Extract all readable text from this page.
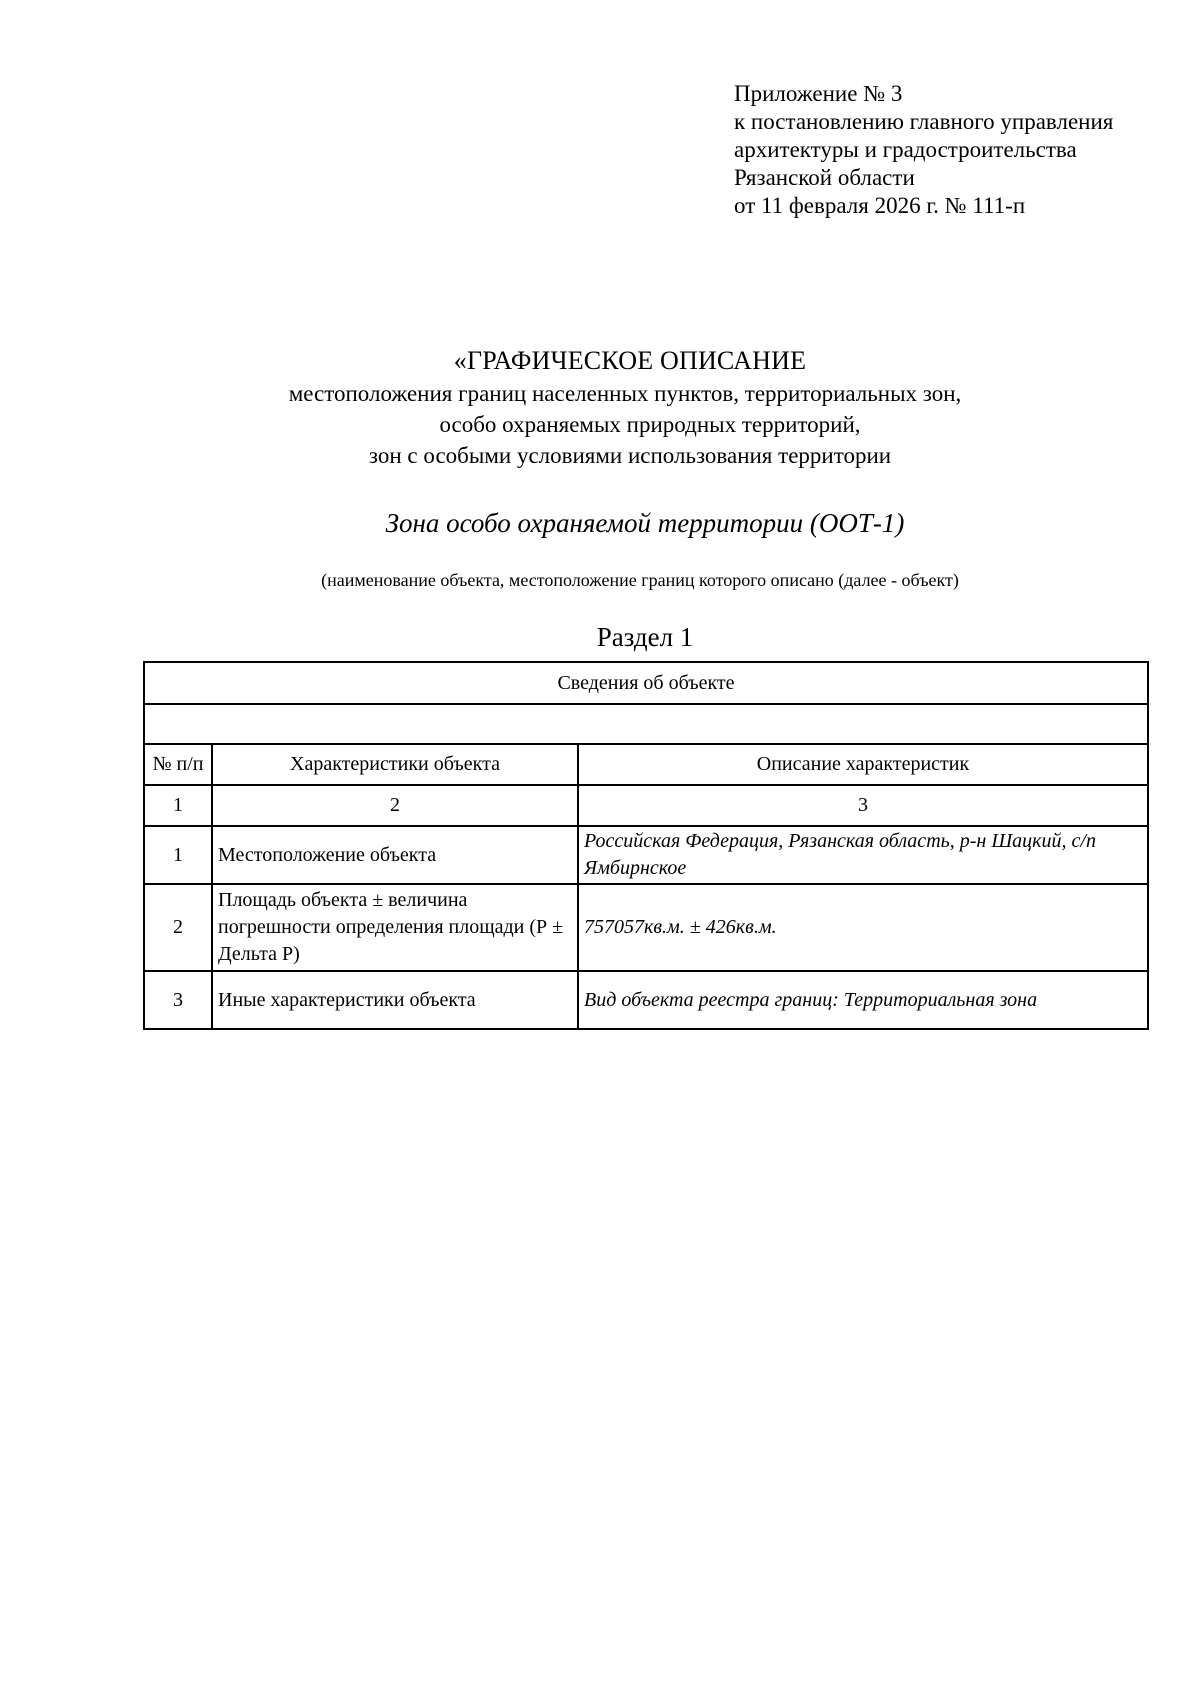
Приложение № 3
к постановлению главного управления
архитектуры и градостроительства
Рязанской области
от 11 февраля 2026 г. № 111-п
«ГРАФИЧЕСКОЕ ОПИСАНИЕ
местоположения границ населенных пунктов, территориальных зон,
особо охраняемых природных территорий,
зон с особыми условиями использования территории
Зона особо охраняемой территории (ООТ-1)
(наименование объекта, местоположение границ которого описано (далее - объект)
Раздел 1
Сведения об объекте		

№ п/п	Характеристики объекта	Описание характеристик
1	2	3
1	Местоположение объекта	Российская Федерация, Рязанская область, р-н Шацкий, с/п Ямбирнское
2	Площадь объекта ± величина погрешности определения площади (Р ± Дельта Р)	757057кв.м. ± 426кв.м.
3	Иные характеристики объекта	Вид объекта реестра границ: Территориальная зона
